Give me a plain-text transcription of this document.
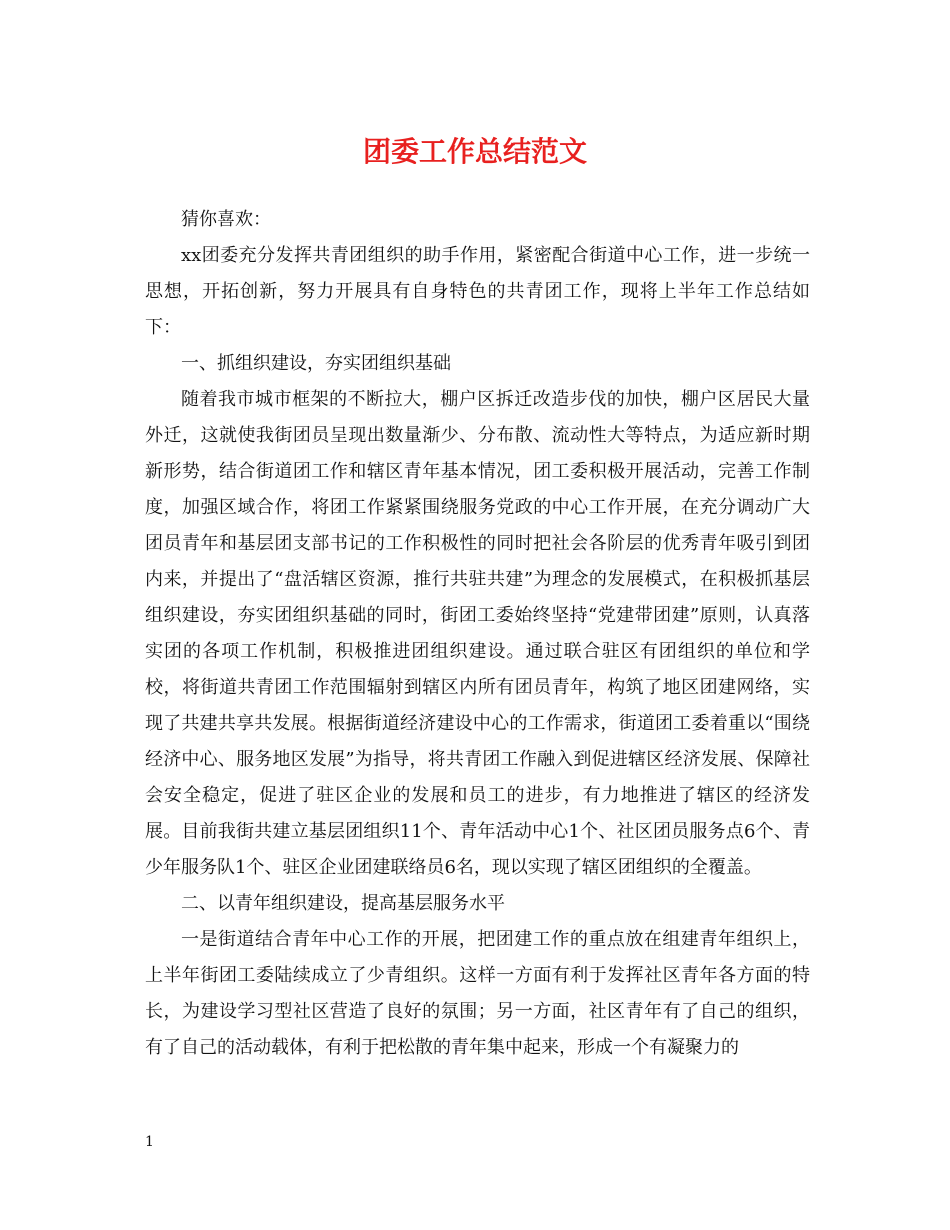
团委工作总结范文

猜你喜欢：

xx团委充分发挥共青团组织的助手作用，紧密配合街道中心工作，进一步统一思想，开拓创新，努力开展具有自身特色的共青团工作，现将上半年工作总结如下：

一、抓组织建设，夯实团组织基础

随着我市城市框架的不断拉大，棚户区拆迁改造步伐的加快，棚户区居民大量外迁，这就使我街团员呈现出数量渐少、分布散、流动性大等特点，为适应新时期新形势，结合街道团工作和辖区青年基本情况，团工委积极开展活动，完善工作制度，加强区域合作，将团工作紧紧围绕服务党政的中心工作开展，在充分调动广大团员青年和基层团支部书记的工作积极性的同时把社会各阶层的优秀青年吸引到团内来，并提出了“盘活辖区资源，推行共驻共建”为理念的发展模式，在积极抓基层组织建设，夯实团组织基础的同时，街团工委始终坚持“党建带团建”原则，认真落实团的各项工作机制，积极推进团组织建设。通过联合驻区有团组织的单位和学校，将街道共青团工作范围辐射到辖区内所有团员青年，构筑了地区团建网络，实现了共建共享共发展。根据街道经济建设中心的工作需求，街道团工委着重以“围绕经济中心、服务地区发展”为指导，将共青团工作融入到促进辖区经济发展、保障社会安全稳定，促进了驻区企业的发展和员工的进步，有力地推进了辖区的经济发展。目前我街共建立基层团组织11个、青年活动中心1个、社区团员服务点6个、青少年服务队1个、驻区企业团建联络员6名，现以实现了辖区团组织的全覆盖。

二、以青年组织建设，提高基层服务水平

一是街道结合青年中心工作的开展，把团建工作的重点放在组建青年组织上，上半年街团工委陆续成立了少青组织。这样一方面有利于发挥社区青年各方面的特长，为建设学习型社区营造了良好的氛围；另一方面，社区青年有了自己的组织，有了自己的活动载体，有利于把松散的青年集中起来，形成一个有凝聚力的

1
